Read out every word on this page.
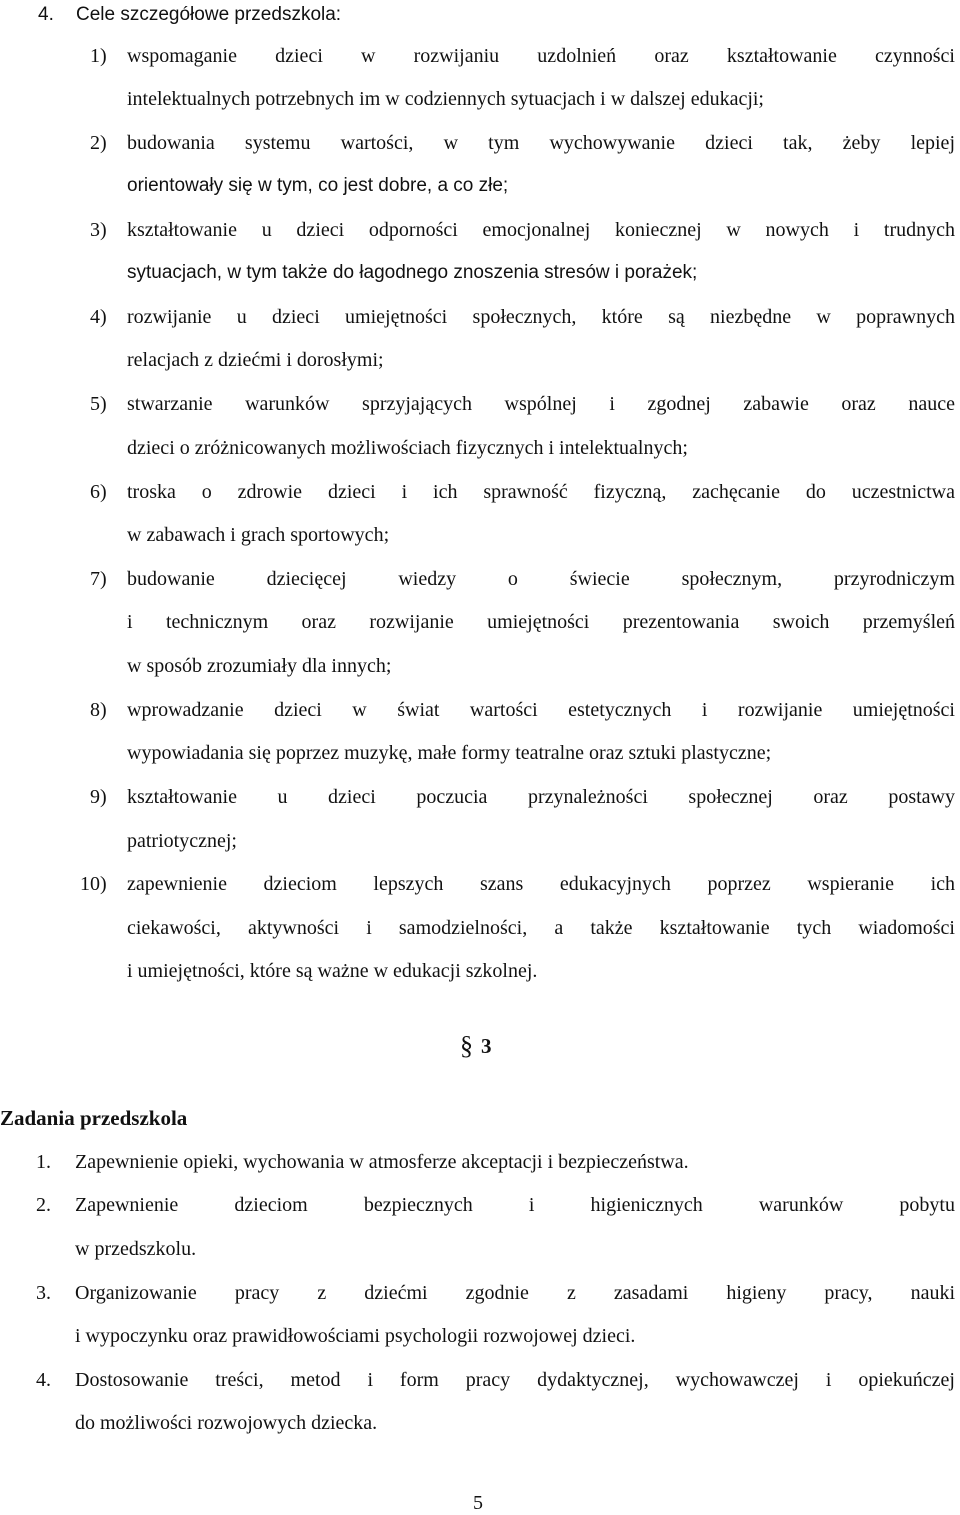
4. Cele szczegółowe przedszkola:

1) wspomaganie dzieci w rozwijaniu uzdolnień oraz kształtowanie czynności

intelektualnych potrzebnych im w codziennych sytuacjach i w dalszej edukacji;

2) budowania systemu wartości, w tym wychowywanie dzieci tak, żeby lepiej

orientowały się w tym, co jest dobre, a co złe;

3) kształtowanie u dzieci odporności emocjonalnej koniecznej w nowych i trudnych

sytuacjach, w tym także do łagodnego znoszenia stresów i porażek;

4) rozwijanie u dzieci umiejętności społecznych, które są niezbędne w poprawnych

relacjach z dziećmi i dorosłymi;

5) stwarzanie warunków sprzyjających wspólnej i zgodnej zabawie oraz nauce

dzieci o zróżnicowanych możliwościach fizycznych i intelektualnych;

6) troska o zdrowie dzieci i ich sprawność fizyczną, zachęcanie do uczestnictwa

w zabawach i grach sportowych;

7) budowanie dziecięcej wiedzy o świecie społecznym, przyrodniczym

i technicznym oraz rozwijanie umiejętności prezentowania swoich przemyśleń

w sposób zrozumiały dla innych;

8) wprowadzanie dzieci w świat wartości estetycznych i rozwijanie umiejętności

wypowiadania się poprzez muzykę, małe formy teatralne oraz sztuki plastyczne;

9) kształtowanie u dzieci poczucia przynależności społecznej oraz postawy

patriotycznej;

10) zapewnienie dzieciom lepszych szans edukacyjnych poprzez wspieranie ich

ciekawości, aktywności i samodzielności, a także kształtowanie tych wiadomości

i umiejętności, które są ważne w edukacji szkolnej.

§ 3

Zadania przedszkola

1. Zapewnienie opieki, wychowania w atmosferze akceptacji i bezpieczeństwa.

2. Zapewnienie dzieciom bezpiecznych i higienicznych warunków pobytu

w przedszkolu.

3. Organizowanie pracy z dziećmi zgodnie z zasadami higieny pracy, nauki

i wypoczynku oraz prawidłowościami psychologii rozwojowej dzieci.

4. Dostosowanie treści, metod i form pracy dydaktycznej, wychowawczej i opiekuńczej

do możliwości rozwojowych dziecka.

5
